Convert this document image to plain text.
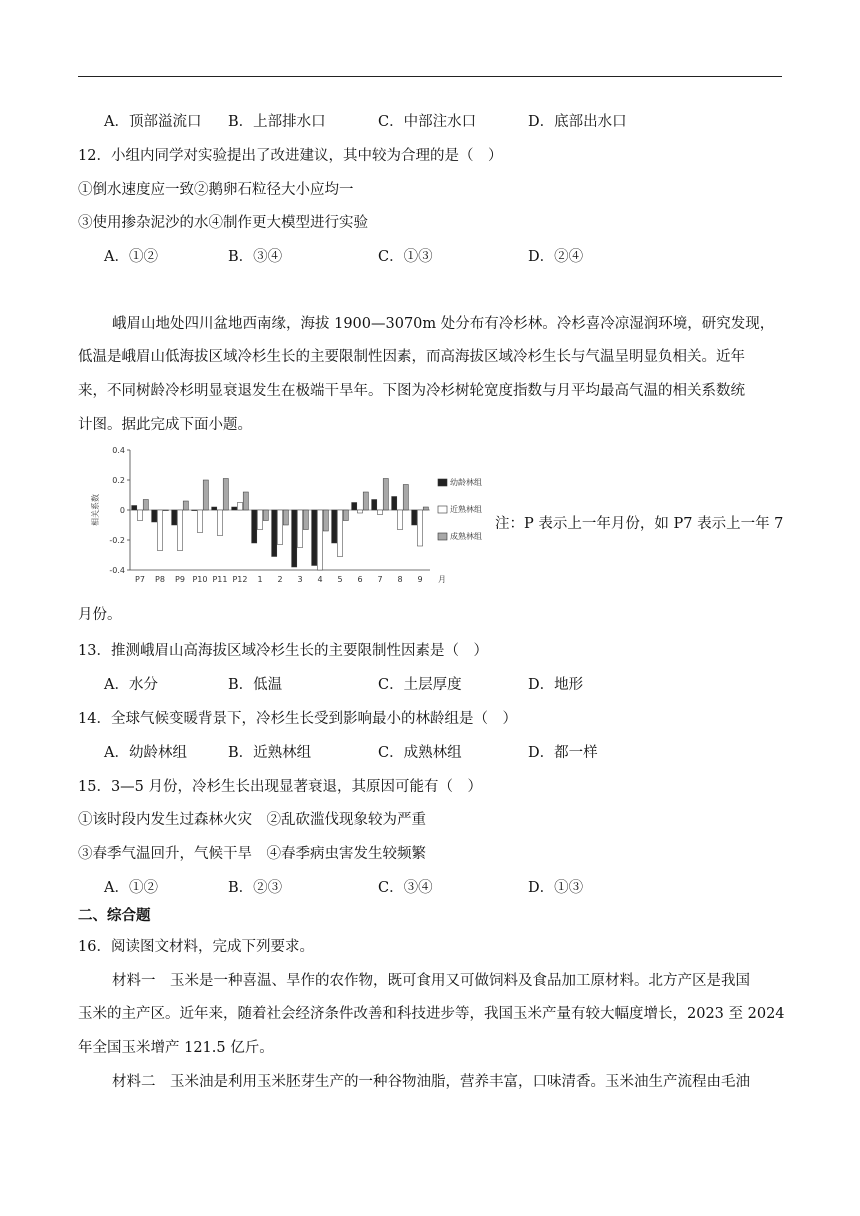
A．顶部溢流口 B．上部排水口	C．中部注水口	D．底部出水口
12．小组内同学对实验提出了改进建议，其中较为合理的是（　）
①倒水速度应一致②鹅卵石粒径大小应均一
③使用掺杂泥沙的水④制作更大模型进行实验
A．①②	B．③④	C．①③	D．②④
峨眉山地处四川盆地西南缘，海拔 1900—3070m 处分布有冷杉林。冷杉喜冷凉湿润环境，研究发现，
低温是峨眉山低海拔区域冷杉生长的主要限制性因素，而高海拔区域冷杉生长与气温呈明显负相关。近年
来，不同树龄冷杉明显衰退发生在极端干旱年。下图为冷杉树轮宽度指数与月平均最高气温的相关系数统
计图。据此完成下面小题。
0.4
0.2
0
-0.2
-0.4
相关系数
P7 P8 P9 P10 P11 P12 1 2 3 4 5 6 7 8 9 月
幼龄林组
近熟林组
成熟林组
注：P 表示上一年月份，如 P7 表示上一年 7
月份。
13．推测峨眉山高海拔区域冷杉生长的主要限制性因素是（　）
A．水分	B．低温	C．土层厚度	D．地形
14．全球气候变暖背景下，冷杉生长受到影响最小的林龄组是（　）
A．幼龄林组	B．近熟林组	C．成熟林组	D．都一样
15．3—5 月份，冷杉生长出现显著衰退，其原因可能有（　）
①该时段内发生过森林火灾　②乱砍滥伐现象较为严重
③春季气温回升，气候干旱　④春季病虫害发生较频繁
A．①②	B．②③	C．③④	D．①③
二、综合题
16．阅读图文材料，完成下列要求。
材料一　玉米是一种喜温、旱作的农作物，既可食用又可做饲料及食品加工原材料。北方产区是我国
玉米的主产区。近年来，随着社会经济条件改善和科技进步等，我国玉米产量有较大幅度增长，2023 至 2024
年全国玉米增产 121.5 亿斤。
材料二　玉米油是利用玉米胚芽生产的一种谷物油脂，营养丰富，口味清香。玉米油生产流程由毛油
